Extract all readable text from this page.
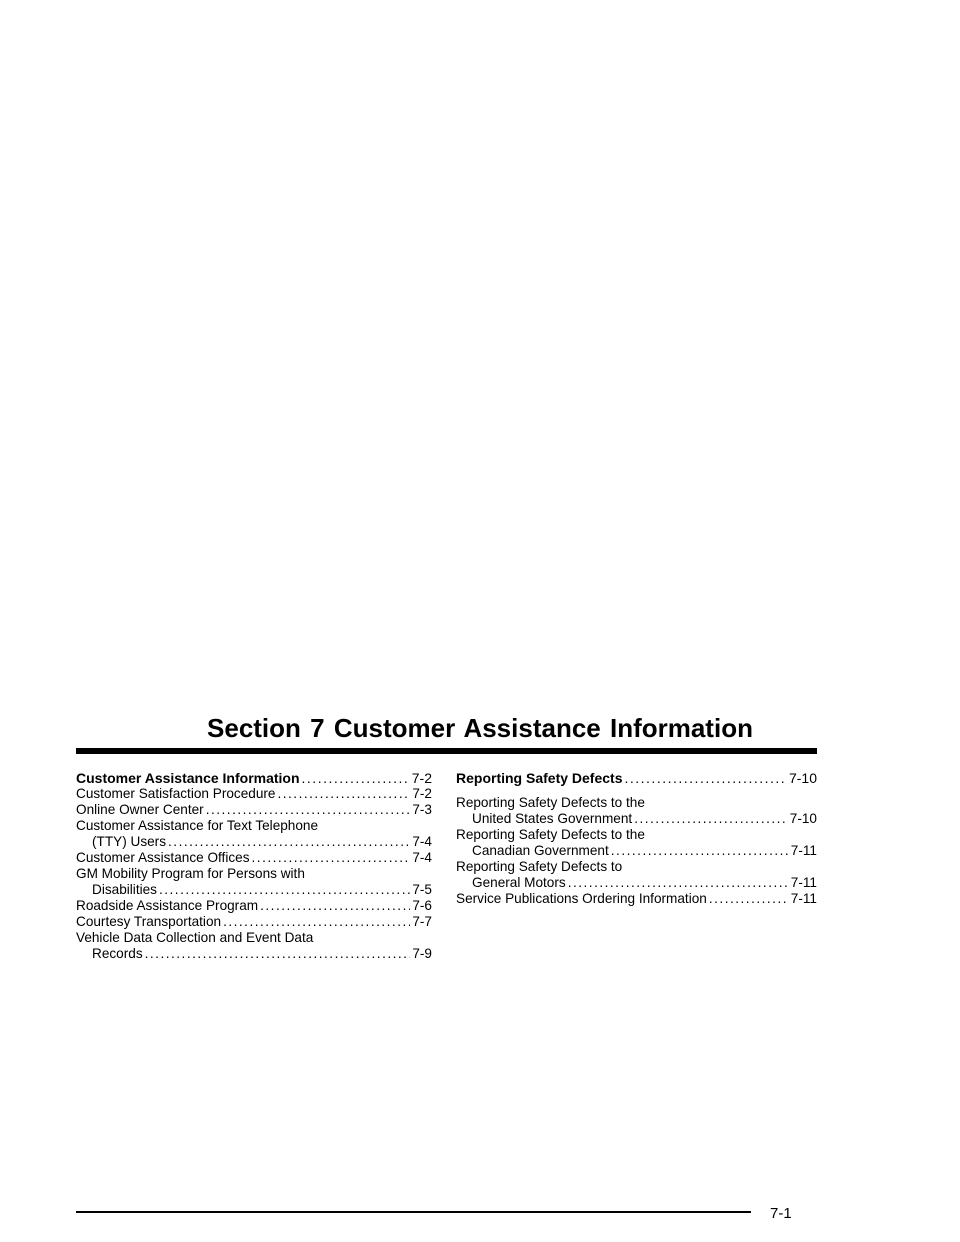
Section 7 Customer Assistance Information
Customer Assistance Information .....	7-2
Customer Satisfaction Procedure .....	7-2
Online Owner Center .....	7-3
Customer Assistance for Text Telephone
(TTY) Users .....	7-4
Customer Assistance Offices .....	7-4
GM Mobility Program for Persons with
Disabilities .....	7-5
Roadside Assistance Program .....	7-6
Courtesy Transportation .....	7-7
Vehicle Data Collection and Event Data
Records .....	7-9
Reporting Safety Defects .....	7-10
Reporting Safety Defects to the
United States Government .....	7-10
Reporting Safety Defects to the
Canadian Government .....	7-11
Reporting Safety Defects to
General Motors .....	7-11
Service Publications Ordering Information .....	7-11
7-1
